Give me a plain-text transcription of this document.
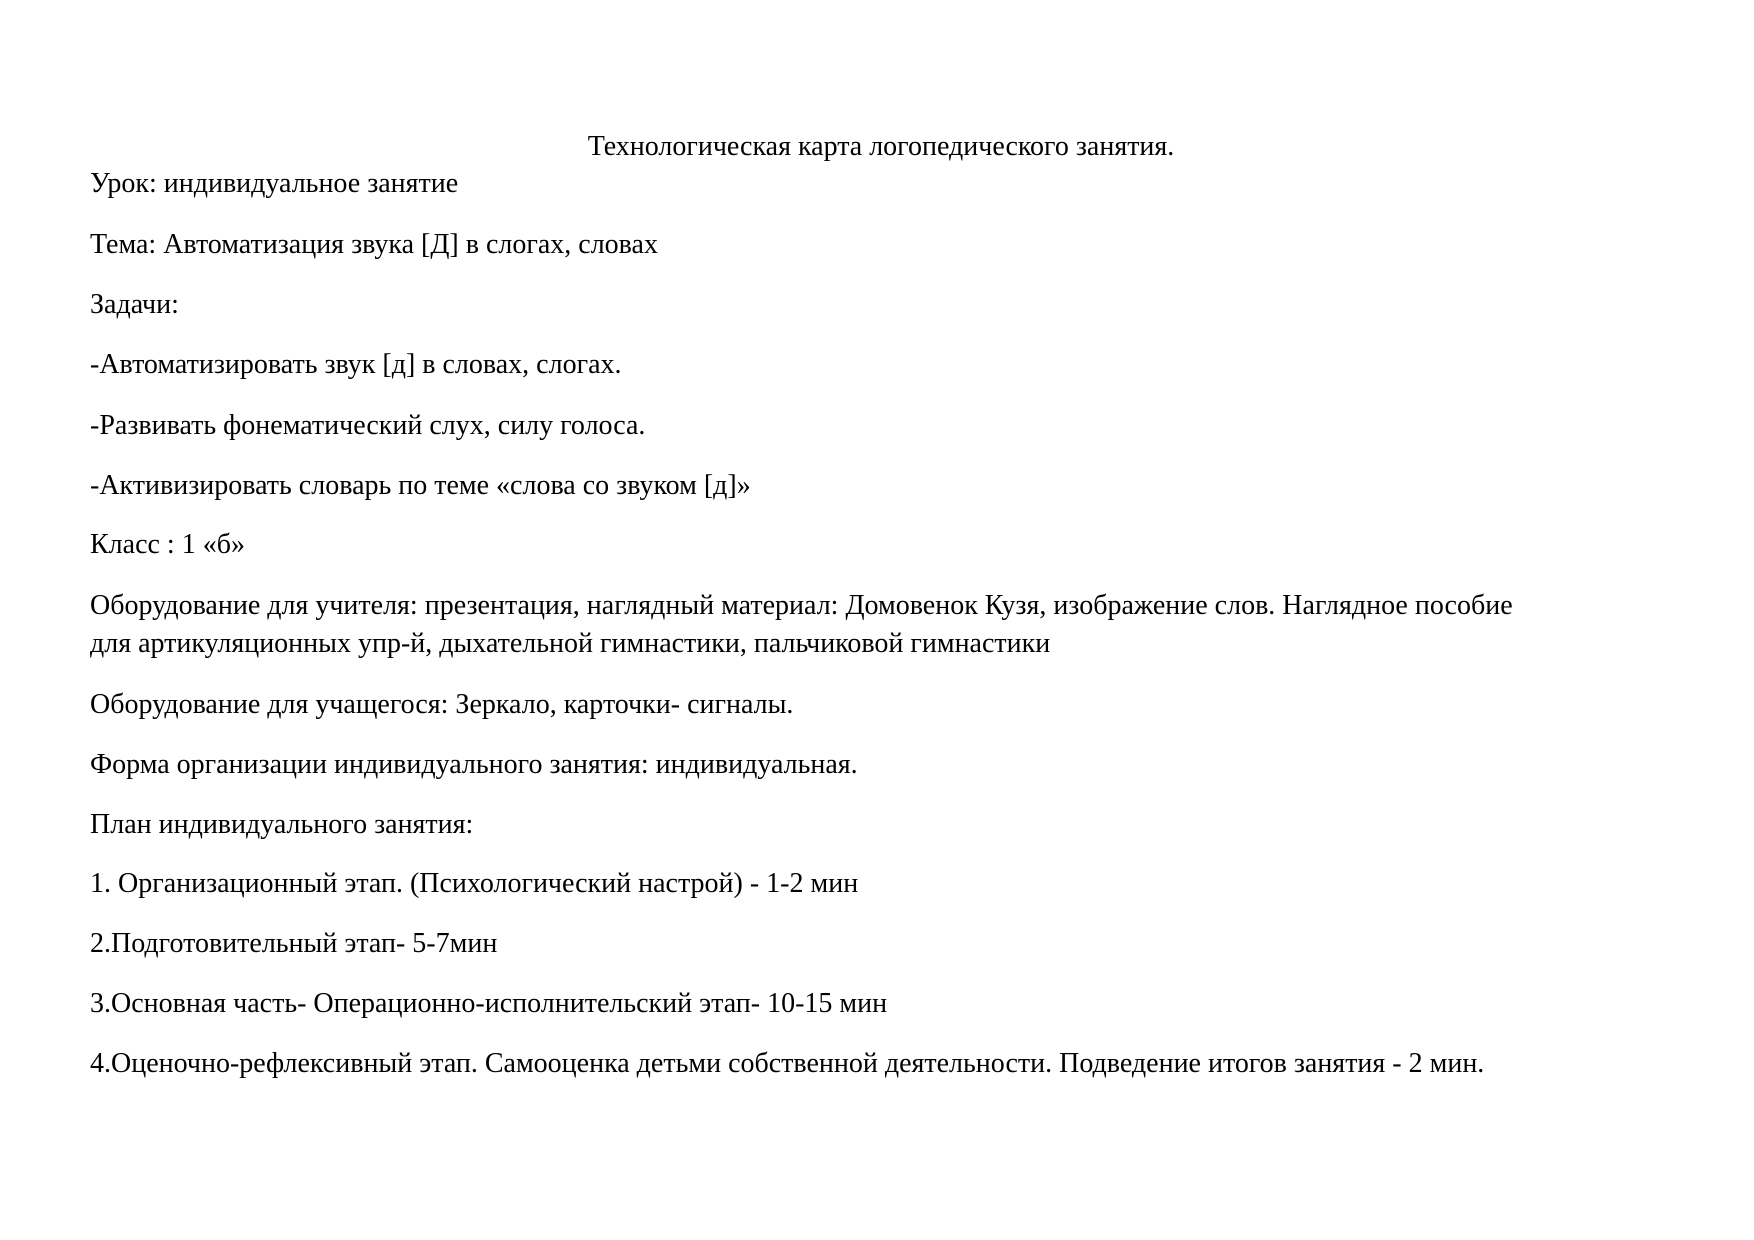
Технологическая карта логопедического занятия.
Урок: индивидуальное занятие
Тема: Автоматизация звука [Д] в слогах, словах
Задачи:
-Автоматизировать звук [д] в словах, слогах.
-Развивать фонематический слух, силу голоса.
-Активизировать словарь по теме «слова со звуком [д]»
Класс : 1 «б»
Оборудование для учителя: презентация, наглядный материал: Домовенок Кузя, изображение слов. Наглядное пособие
для артикуляционных упр-й, дыхательной гимнастики, пальчиковой гимнастики
Оборудование для учащегося: Зеркало, карточки- сигналы.
Форма организации индивидуального занятия: индивидуальная.
План индивидуального занятия:
1. Организационный этап. (Психологический настрой) - 1-2 мин
2.Подготовительный этап- 5-7мин
3.Основная часть- Операционно-исполнительский этап- 10-15 мин
4.Оценочно-рефлексивный этап. Самооценка детьми собственной деятельности. Подведение итогов занятия - 2 мин.
